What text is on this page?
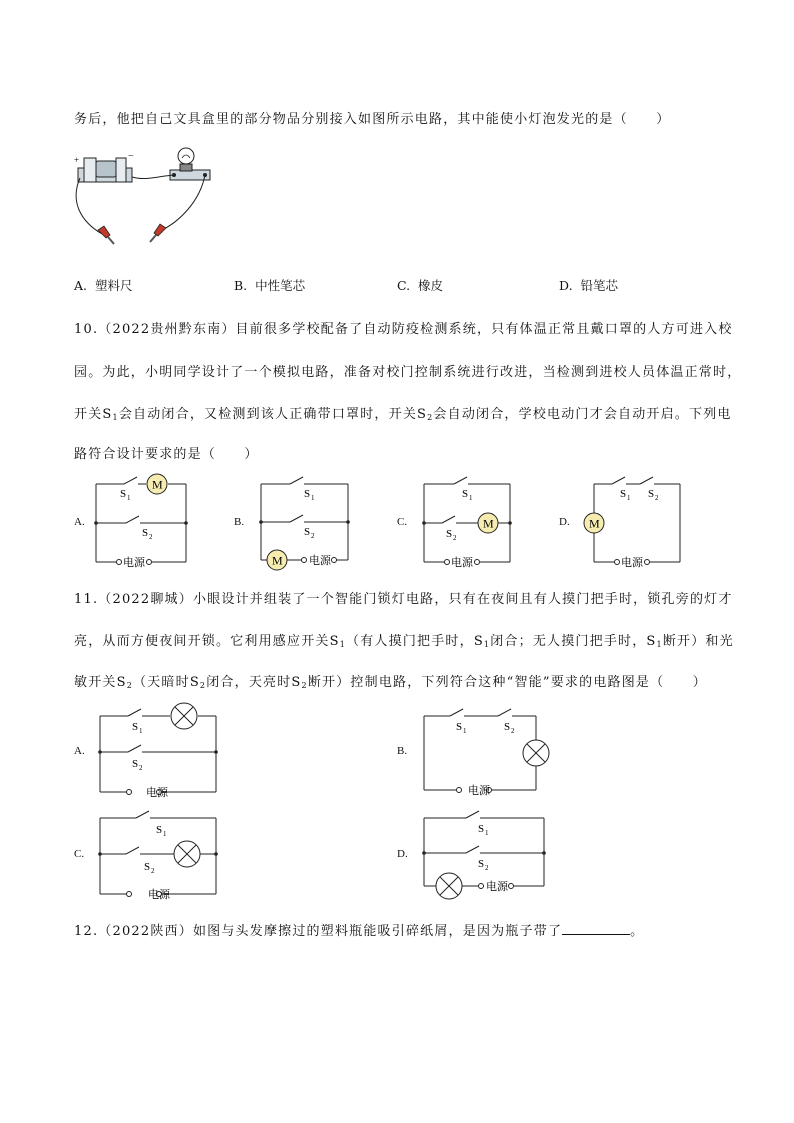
务后，他把自己文具盒里的部分物品分别接入如图所示电路，其中能使小灯泡发光的是（　　）
+	−
A. 塑料尺	B. 中性笔芯	C. 橡皮	D. 铅笔芯
10.（2022贵州黔东南）目前很多学校配备了自动防疫检测系统，只有体温正常且戴口罩的人方可进入校
园。为此，小明同学设计了一个模拟电路，准备对校门控制系统进行改进，当检测到进校人员体温正常时，
开关$S_1$会自动闭合，又检测到该人正确带口罩时，开关$S_2$会自动闭合，学校电动门才会自动开启。下列电
路符合设计要求的是（　　）
A.
M
S 1
S 2
电源
B.
M
S 1
S 2
电源
C.	M
S 1
S 2
电源
D. M
S 1 S 2
电源
11.（2022聊城）小眼设计并组装了一个智能门锁灯电路，只有在夜间且有人摸门把手时，锁孔旁的灯才
亮，从而方便夜间开锁。它利用感应开关$S_1$（有人摸门把手时，$S_1$闭合；无人摸门把手时，$S_1$断开）和光
敏开关$S_2$（天暗时$S_2$闭合，天亮时$S_2$断开）控制电路，下列符合这种“智能”要求的电路图是（　　）
A.
S 1
S 2
电源
B.
S 1	S 2
电源
C.
S 1
S 2
电源
D.
S 1
S 2
电源
12.（2022陕西）如图与头发摩擦过的塑料瓶能吸引碎纸屑，是因为瓶子带了	。
